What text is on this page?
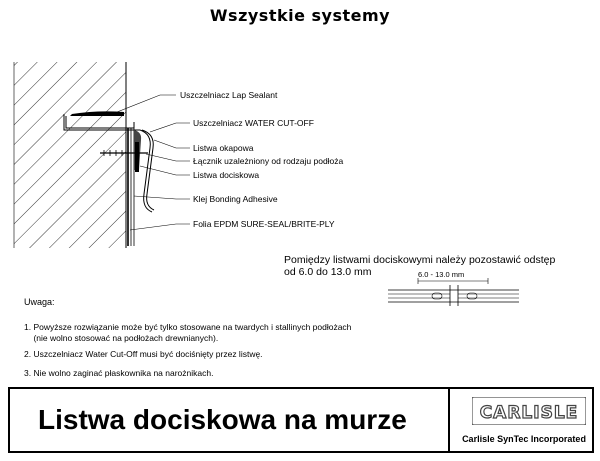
Wszystkie systemy
Uszczelniacz Lap Sealant
Uszczelniacz WATER CUT-OFF
Listwa okapowa
Łącznik uzależniony od rodzaju podłoża
Listwa dociskowa
Klej Bonding Adhesive
Folia EPDM SURE-SEAL/BRITE-PLY
Pomiędzy listwami dociskowymi należy pozostawić odstęp
od 6.0 do 13.0 mm	6.0 - 13.0 mm
Uwaga:
1. Powyższe rozwiązanie może być tylko stosowane na twardych i stallinych podłożach
(nie wolno stosować na podłożach drewnianych).
2. Uszczelniacz Water Cut-Off musi być dociśnięty przez listwę.
3. Nie wolno zaginać płaskownika na narożnikach.
Listwa dociskowa na murze	CARLISLE
Carlisle SynTec Incorporated
